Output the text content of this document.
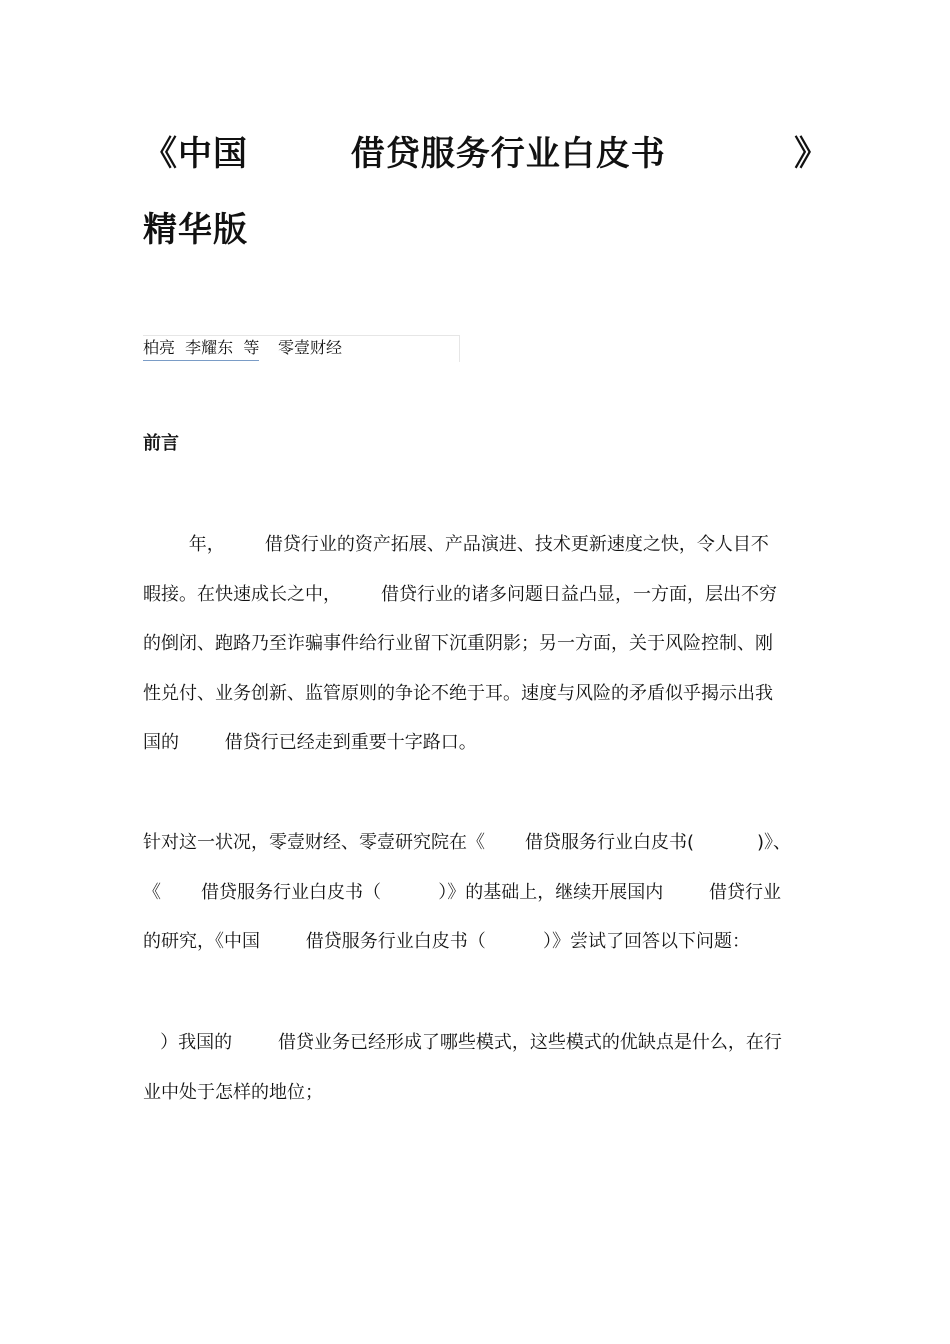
《中国        借贷服务行业白皮书          》
精华版
柏亮  李耀东  等 零壹财经
前言
年，       借贷行业的资产拓展、产品演进、技术更新速度之快，令人目不
暇接。在快速成长之中，       借贷行业的诸多问题日益凸显，一方面，层出不穷
的倒闭、跑路乃至诈骗事件给行业留下沉重阴影；另一方面，关于风险控制、刚
性兑付、业务创新、监管原则的争论不绝于耳。速度与风险的矛盾似乎揭示出我
国的        借贷行已经走到重要十字路口。
针对这一状况，零壹财经、零壹研究院在《       借贷服务行业白皮书(           )》、
《       借贷服务行业白皮书（          ）》的基础上，继续开展国内        借贷行业
的研究，《中国        借贷服务行业白皮书（          ）》尝试了回答以下问题：
）我国的        借贷业务已经形成了哪些模式，这些模式的优缺点是什么，在行
业中处于怎样的地位；
